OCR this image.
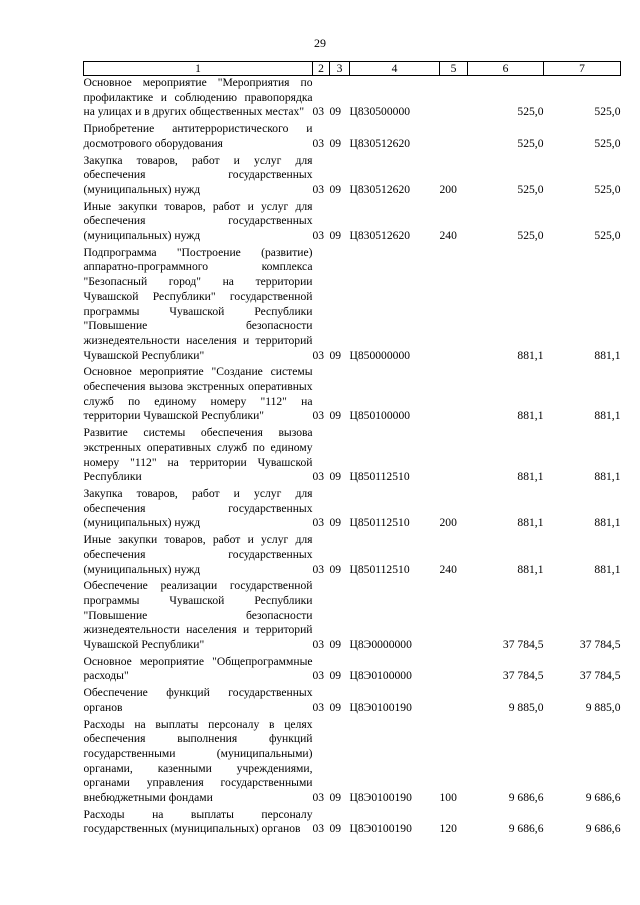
29
1	2	3	4	5	6	7
Основное мероприятие "Мероприятия по профилактике и соблюдению правопорядка на улицах и в других общественных местах"	03	09	Ц830500000		525,0	525,0
Приобретение антитеррористического и досмотрового оборудования	03	09	Ц830512620		525,0	525,0
Закупка товаров, работ и услуг для обеспечения государственных (муниципальных) нужд	03	09	Ц830512620	200	525,0	525,0
Иные закупки товаров, работ и услуг для обеспечения государственных (муниципальных) нужд	03	09	Ц830512620	240	525,0	525,0
Подпрограмма "Построение (развитие) аппаратно-программного комплекса "Безопасный город" на территории Чувашской Республики" государственной программы Чувашской Республики "Повышение безопасности жизнедеятельности населения и территорий Чувашской Республики"	03	09	Ц850000000		881,1	881,1
Основное мероприятие "Создание системы обеспечения вызова экстренных оперативных служб по единому номеру "112" на территории Чувашской Республики"	03	09	Ц850100000		881,1	881,1
Развитие системы обеспечения вызова экстренных оперативных служб по единому номеру "112" на территории Чувашской Республики	03	09	Ц850112510		881,1	881,1
Закупка товаров, работ и услуг для обеспечения государственных (муниципальных) нужд	03	09	Ц850112510	200	881,1	881,1
Иные закупки товаров, работ и услуг для обеспечения государственных (муниципальных) нужд	03	09	Ц850112510	240	881,1	881,1
Обеспечение реализации государственной программы Чувашской Республики "Повышение безопасности жизнедеятельности населения и территорий Чувашской Республики"	03	09	Ц8Э0000000		37 784,5	37 784,5
Основное мероприятие "Общепрограммные расходы"	03	09	Ц8Э0100000		37 784,5	37 784,5
Обеспечение функций государственных органов	03	09	Ц8Э0100190		9 885,0	9 885,0
Расходы на выплаты персоналу в целях обеспечения выполнения функций государственными (муниципальными) органами, казенными учреждениями, органами управления государственными внебюджетными фондами	03	09	Ц8Э0100190	100	9 686,6	9 686,6
Расходы на выплаты персоналу государственных (муниципальных) органов	03	09	Ц8Э0100190	120	9 686,6	9 686,6
